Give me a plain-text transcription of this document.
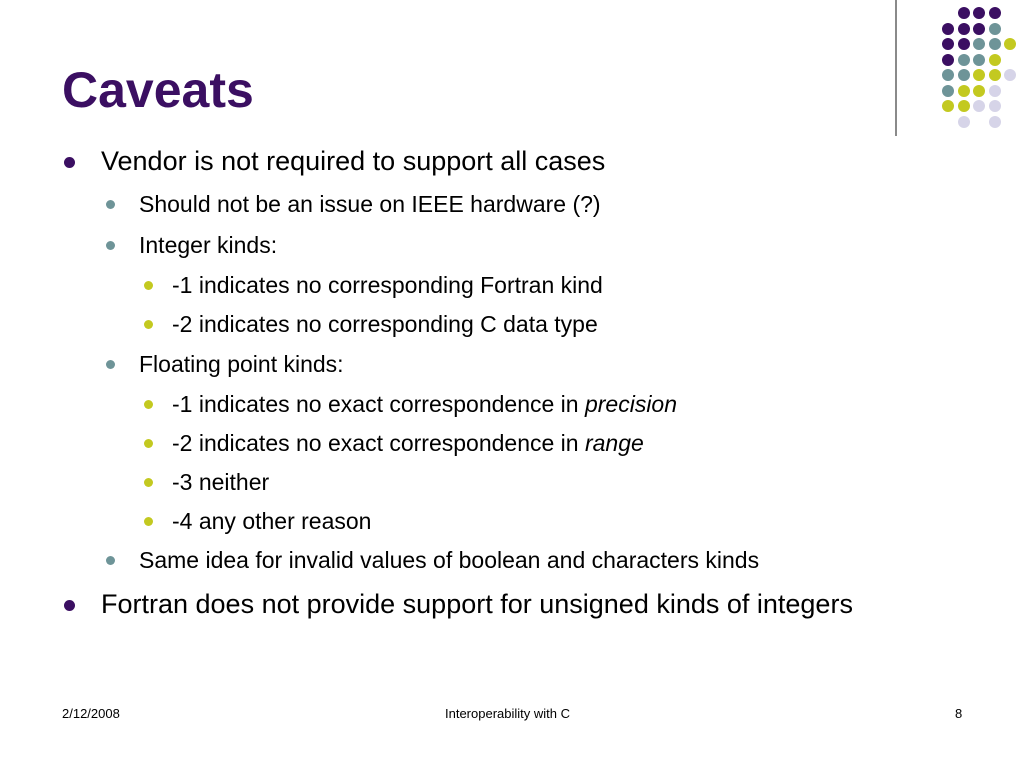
Caveats
Vendor is not required to support all cases
Should not be an issue on IEEE hardware (?)
Integer kinds:
-1 indicates no corresponding Fortran kind
-2 indicates no corresponding C data type
Floating point kinds:
-1 indicates no exact correspondence in precision
-2 indicates no exact correspondence in range
-3 neither
-4 any other reason
Same idea for invalid values of boolean and characters kinds
Fortran does not provide support for unsigned kinds of integers
2/12/2008	Interoperability with C	8
